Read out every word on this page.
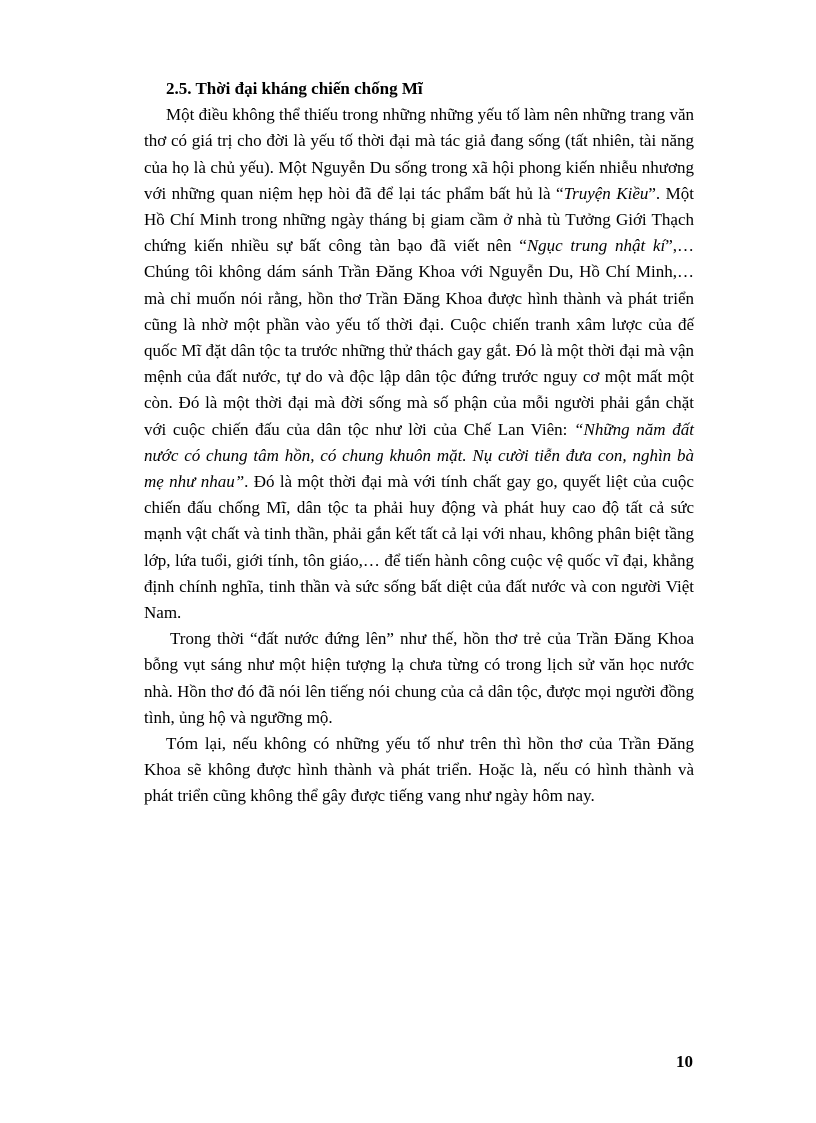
2.5. Thời đại kháng chiến chống Mĩ

Một điều không thể thiếu trong những những yếu tố làm nên những trang văn thơ có giá trị cho đời là yếu tố thời đại mà tác giả đang sống (tất nhiên, tài năng của họ là chủ yếu). Một Nguyễn Du sống trong xã hội phong kiến nhiễu nhương với những quan niệm hẹp hòi đã để lại tác phẩm bất hủ là “Truyện Kiều”. Một Hồ Chí Minh trong những ngày tháng bị giam cầm ở nhà tù Tưởng Giới Thạch chứng kiến nhiều sự bất công tàn bạo đã viết nên “Ngục trung nhật kí”,… Chúng tôi không dám sánh Trần Đăng Khoa với Nguyễn Du, Hồ Chí Minh,… mà chỉ muốn nói rằng, hồn thơ Trần Đăng Khoa được hình thành và phát triển cũng là nhờ một phần vào yếu tố thời đại. Cuộc chiến tranh xâm lược của đế quốc Mĩ đặt dân tộc ta trước những thử thách gay gắt. Đó là một thời đại mà vận mệnh của đất nước, tự do và độc lập dân tộc đứng trước nguy cơ một mất một còn. Đó là một thời đại mà đời sống mà số phận của mỗi người phải gắn chặt với cuộc chiến đấu của dân tộc như lời của Chế Lan Viên: “Những năm đất nước có chung tâm hồn, có chung khuôn mặt. Nụ cười tiễn đưa con, nghìn bà mẹ như nhau”. Đó là một thời đại mà với tính chất gay go, quyết liệt của cuộc chiến đấu chống Mĩ, dân tộc ta phải huy động và phát huy cao độ tất cả sức mạnh vật chất và tinh thần, phải gắn kết tất cả lại với nhau, không phân biệt tầng lớp, lứa tuổi, giới tính, tôn giáo,… để tiến hành công cuộc vệ quốc vĩ đại, khẳng định chính nghĩa, tinh thần và sức sống bất diệt của đất nước và con người Việt Nam.

Trong thời “đất nước đứng lên” như thế, hồn thơ trẻ của Trần Đăng Khoa bỗng vụt sáng như một hiện tượng lạ chưa từng có trong lịch sử văn học nước nhà. Hồn thơ đó đã nói lên tiếng nói chung của cả dân tộc, được mọi người đồng tình, ủng hộ và ngưỡng mộ.

Tóm lại, nếu không có những yếu tố như trên thì hồn thơ của Trần Đăng Khoa sẽ không được hình thành và phát triển. Hoặc là, nếu có hình thành và phát triển cũng không thể gây được tiếng vang như ngày hôm nay.

10
